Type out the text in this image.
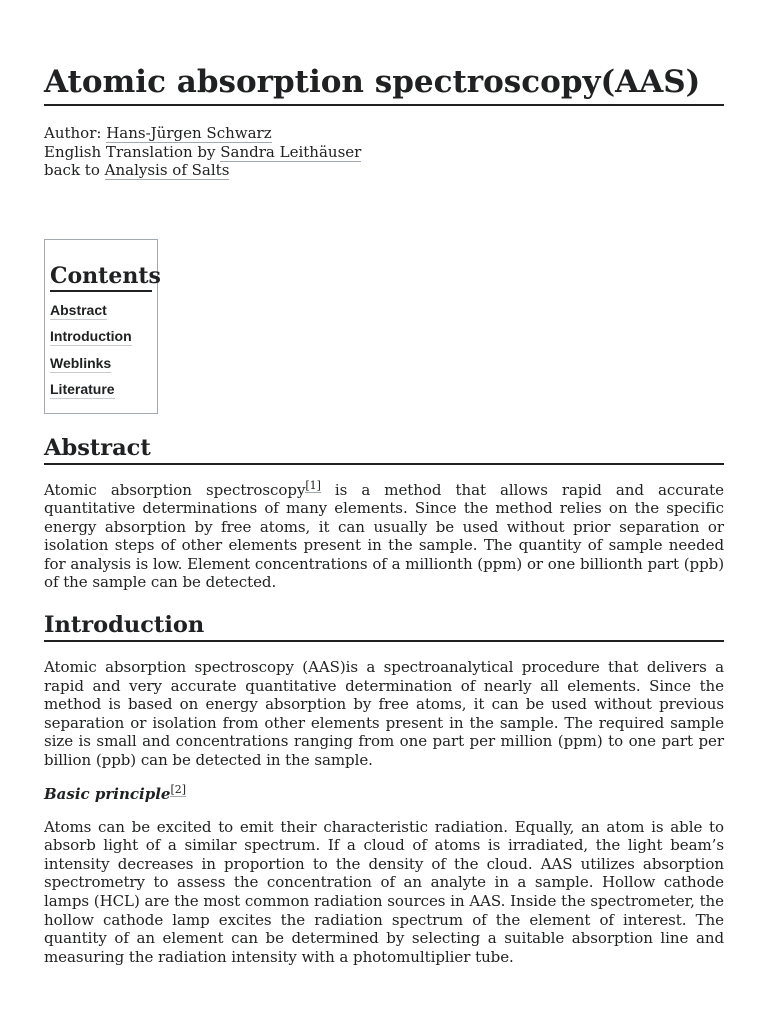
Atomic absorption spectroscopy(AAS)
Author: Hans-Jürgen Schwarz
English Translation by Sandra Leithäuser
back to Analysis of Salts
Contents
Abstract
Introduction
Weblinks
Literature
Abstract

Atomic absorption spectroscopy[1] is a method that allows rapid and accurate quantitative determinations of many elements. Since the method relies on the specific energy absorption by free atoms, it can usually be used without prior separation or isolation steps of other elements present in the sample. The quantity of sample needed for analysis is low. Element concentrations of a millionth (ppm) or one billionth part (ppb) of the sample can be detected.

Introduction

Atomic absorption spectroscopy (AAS)is a spectroanalytical procedure that delivers a rapid and very accurate quantitative determination of nearly all elements. Since the method is based on energy absorption by free atoms, it can be used without previous separation or isolation from other elements present in the sample. The required sample size is small and concentrations ranging from one part per million (ppm) to one part per billion (ppb) can be detected in the sample.

Basic principle[2]

Atoms can be excited to emit their characteristic radiation. Equally, an atom is able to absorb light of a similar spectrum. If a cloud of atoms is irradiated, the light beam’s intensity decreases in proportion to the density of the cloud. AAS utilizes absorption spectrometry to assess the concentration of an analyte in a sample. Hollow cathode lamps (HCL) are the most common radiation sources in AAS. Inside the spectrometer, the hollow cathode lamp excites the radiation spectrum of the element of interest. The quantity of an element can be determined by selecting a suitable absorption line and measuring the radiation intensity with a photomultiplier tube.
